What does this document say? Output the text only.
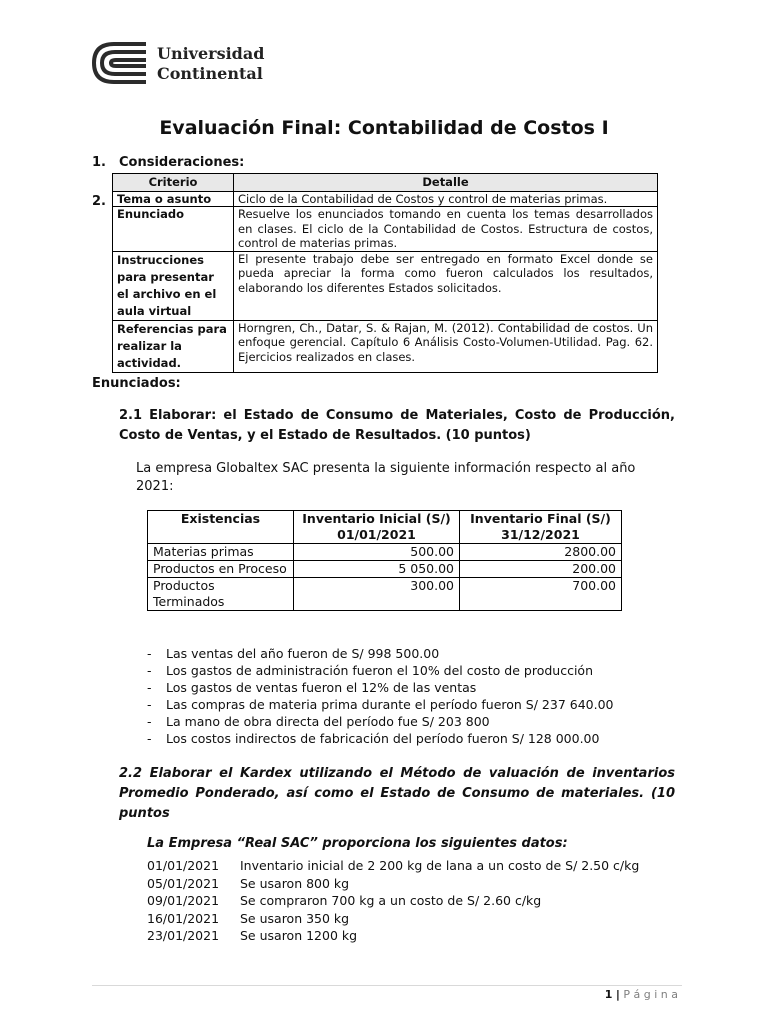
Universidad
Continental
Evaluación Final: Contabilidad de Costos I
1. Consideraciones:
2.
Criterio	Detalle
Tema o asunto	Ciclo de la Contabilidad de Costos y control de materias primas.
Enunciado	Resuelve los enunciados tomando en cuenta los temas desarrollados en clases. El ciclo de la Contabilidad de Costos. Estructura de costos, control de materias primas.
Instrucciones para presentar el archivo en el aula virtual	El presente trabajo debe ser entregado en formato Excel donde se pueda apreciar la forma como fueron calculados los resultados, elaborando los diferentes Estados solicitados.
Referencias para realizar la actividad.	Horngren, Ch., Datar, S. & Rajan, M. (2012). Contabilidad de costos. Un enfoque gerencial. Capítulo 6 Análisis Costo-Volumen-Utilidad. Pag. 62. Ejercicios realizados en clases.
Enunciados:
2.1 Elaborar: el Estado de Consumo de Materiales, Costo de Producción, Costo de Ventas, y el Estado de Resultados. (10 puntos)
La empresa Globaltex SAC presenta la siguiente información respecto al año 2021:
Existencias	Inventario Inicial (S/) 01/01/2021	Inventario Final (S/) 31/12/2021
Materias primas	500.00	2800.00
Productos en Proceso	5 050.00	200.00
Productos Terminados	300.00	700.00
- Las ventas del año fueron de S/ 998 500.00
- Los gastos de administración fueron el 10% del costo de producción
- Los gastos de ventas fueron el 12% de las ventas
- Las compras de materia prima durante el período fueron S/ 237 640.00
- La mano de obra directa del período fue S/ 203 800
- Los costos indirectos de fabricación del período fueron S/ 128 000.00
2.2 Elaborar el Kardex utilizando el Método de valuación de inventarios Promedio Ponderado, así como el Estado de Consumo de materiales. (10 puntos
La Empresa “Real SAC” proporciona los siguientes datos:
01/01/2021 Inventario inicial de 2 200 kg de lana a un costo de S/ 2.50 c/kg
05/01/2021 Se usaron 800 kg
09/01/2021 Se compraron 700 kg a un costo de S/ 2.60 c/kg
16/01/2021 Se usaron 350 kg
23/01/2021 Se usaron 1200 kg
1 | P á g i n a
